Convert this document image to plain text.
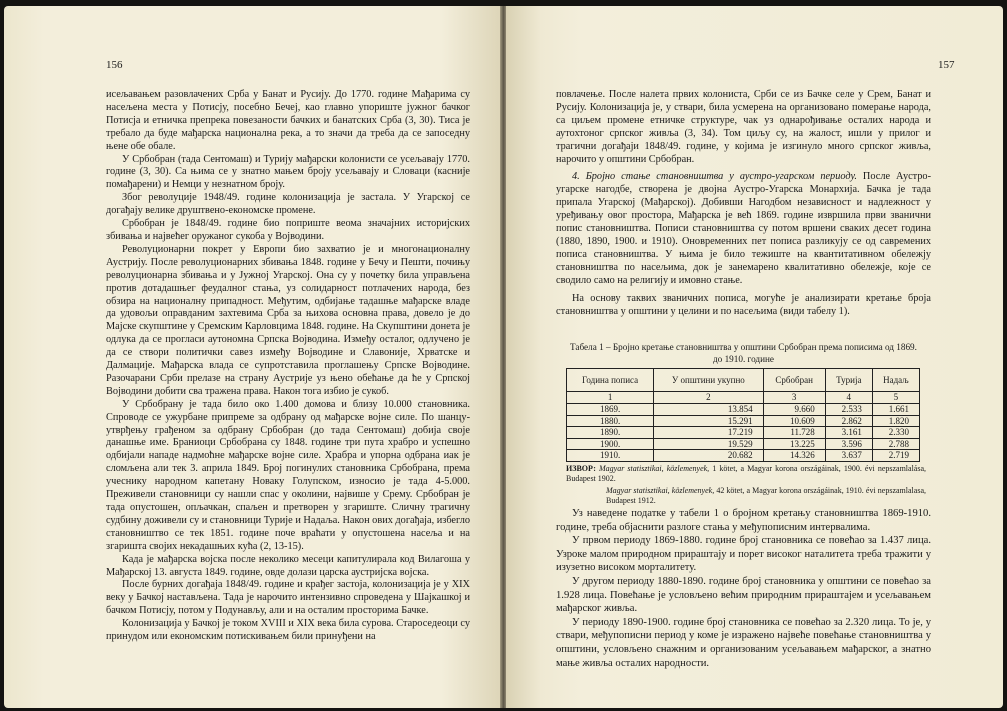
156

исељавањем разовлачених Срба у Банат и Русију. До 1770. године Мађарима су насељена места у Потисју, посебно Бечеј, као главно упориште јужног бачког Потисја и етничка препрека повезаности бачких и банатских Срба (3, 30). Тиса је требало да буде мађарска национална река, а то значи да треба да се запоседну њене обе обале.

У Србобран (тада Сентомаш) и Турију мађарски колонисти се усељавају 1770. године (3, 30). Са њима се у знатно мањем броју усељавају и Словаци (касније помађарени) и Немци у незнатном броју.

Због револуције 1948/49. године колонизација је застала. У Угарској се догађају велике друштвено-економске промене.

Србобран је 1848/49. године био поприште веома значајних историјских збивања и највећег оружаног сукоба у Војводини.

Револуционарни покрет у Европи био захватио је и многонационалну Аустрију. После револуционарних збивања 1848. године у Бечу и Пешти, почињу револуционарна збивања и у Јужној Угарској. Она су у почетку била управљена против дотадашњег феудалног стања, уз солидарност потлачених народа, без обзира на националну припадност. Међутим, одбијање тадашње мађарске владе да удовољи оправданим захтевима Срба за њихова основна права, довело је до Мајске скупштине у Сремским Карловцима 1848. године. На Скупштини донета је одлука да се прогласи аутономна Српска Војводина. Између осталог, одлучено је да се створи политички савез између Војводине и Славоније, Хрватске и Далмације. Мађарска влада се супротставила проглашењу Српске Војводине. Разочарани Срби прелазе на страну Аустрије уз њено обећање да ће у Српској Војводини добити сва тражена права. Након тога избио је сукоб.

У Србобрану је тада било око 1.400 домова и близу 10.000 становника. Спроводе се ужурбане припреме за одбрану од мађарске војне силе. По шанцу-утврђењу грађеном за одбрану Србобран (до тада Сентомаш) добија своје данашње име. Браниоци Србобрана су 1848. године три пута храбро и успешно одбијали нападе надмоћне мађарске војне силе. Храбра и упорна одбрана иак је сломљена али тек 3. априла 1849. Број погинулих становника Србобрана, према учеснику народном капетану Новаку Голупском, износио је тада 4-5.000. Преживели становници су нашли спас у околини, највише у Срему. Србобран је тада опустошен, опљачкан, спаљен и претворен у згариште. Сличну трагичну судбину доживели су и становници Турије и Надаља. Након ових догађаја, избегло становништво се тек 1851. године поче враћати у опустошена насеља и на згаришта својих некадашњих кућа (2, 13-15).

Када је мађарска војска после неколико месеци капитулирала код Вилагоша у Мађарској 13. августа 1849. године, овде долази царска аустријска војска.

После бурних догађаја 1848/49. године и крађег застоја, колонизација је у XIX веку у Бачкој настављена. Тада је нарочито интензивно спроведена у Шајкашкој и бачком Потисју, потом у Подунављу, али и на осталим просторима Бачке.

Колонизација у Бачкој је током XVIII и XIX века била сурова. Староседеоци су принудом или економским потискивањем били принуђени на

157

повлачење. После налета првих колониста, Срби се из Бачке селе у Срем, Банат и Русију. Колонизација је, у ствари, била усмерена на организовано померање народа, са циљем промене етничке структуре, чак уз однарођивање осталих народа и аутохтоног српског живља (3, 34). Том циљу су, на жалост, ишли у прилог и трагични догађаји 1848/49. године, у којима је изгинуло много српског живља, нарочито у општини Србобран.

4. Бројно стање становништва у аустро-угарском периоду. После Аустро-угарске нагодбе, створена је двојна Аустро-Угарска Монархија. Бачка је тада припала Угарској (Мађарској). Добивши Нагодбом независност и надлежност у уређивању овог простора, Мађарска је већ 1869. године извршила први званични попис становништва. Пописи становништва су потом вршени сваких десет година (1880, 1890, 1900. и 1910). Оновременних пет пописа разликују се од савремених пописа становништва. У њима је било тежиште на квантитативном обележју становништва по насељима, док је занемарено квалитативно обележје, које се сводило само на религију и имовно стање.

На основу таквих званичних пописа, могуће је анализирати кретање броја становништва у општини у целини и по насељима (види табелу 1).

Табела 1 – Бројно кретање становништва у општини Србобран према пописима од 1869. до 1910. године
Година пописа	У општини укупно	Србобран	Турија	Надаљ
1	2	3	4	5
1869.	13.854	9.660	2.533	1.661
1880.	15.291	10.609	2.862	1.820
1890.	17.219	11.728	3.161	2.330
1900.	19.529	13.225	3.596	2.788
1910.	20.682	14.326	3.637	2.719

ИЗВОР: Magyar statisztikai, közlemenyek, 1 kötet, a Magyar korona országáinak, 1900. évi nepszamlalása, Budapest 1902.

Magyar statisztikai, közlemenyek, 42 kötet, a Magyar korona országáinak, 1910. évi nepszamlalasa, Budapest 1912.

Уз наведене податке у табели 1 о бројном кретању становништва 1869-1910. године, треба објаснити разлоге стања у међупописним интервалима.

У првом периоду 1869-1880. године број становника се повећао за 1.437 лица. Узроке малом природном прираштају и порет високог наталитета треба тражити у изузетно високом морталитету.

У другом периоду 1880-1890. године број становника у општини се повећао за 1.928 лица. Повећање је условљено већим природним прираштајем и усељавањем мађарског живља.

У периоду 1890-1900. године број становника се повећао за 2.320 лица. То је, у ствари, међупописни период у коме је изражено највеће повећање становништва у општини, условљено снажним и организованим усељавањем мађарског, а знатно мање живља осталих народности.
